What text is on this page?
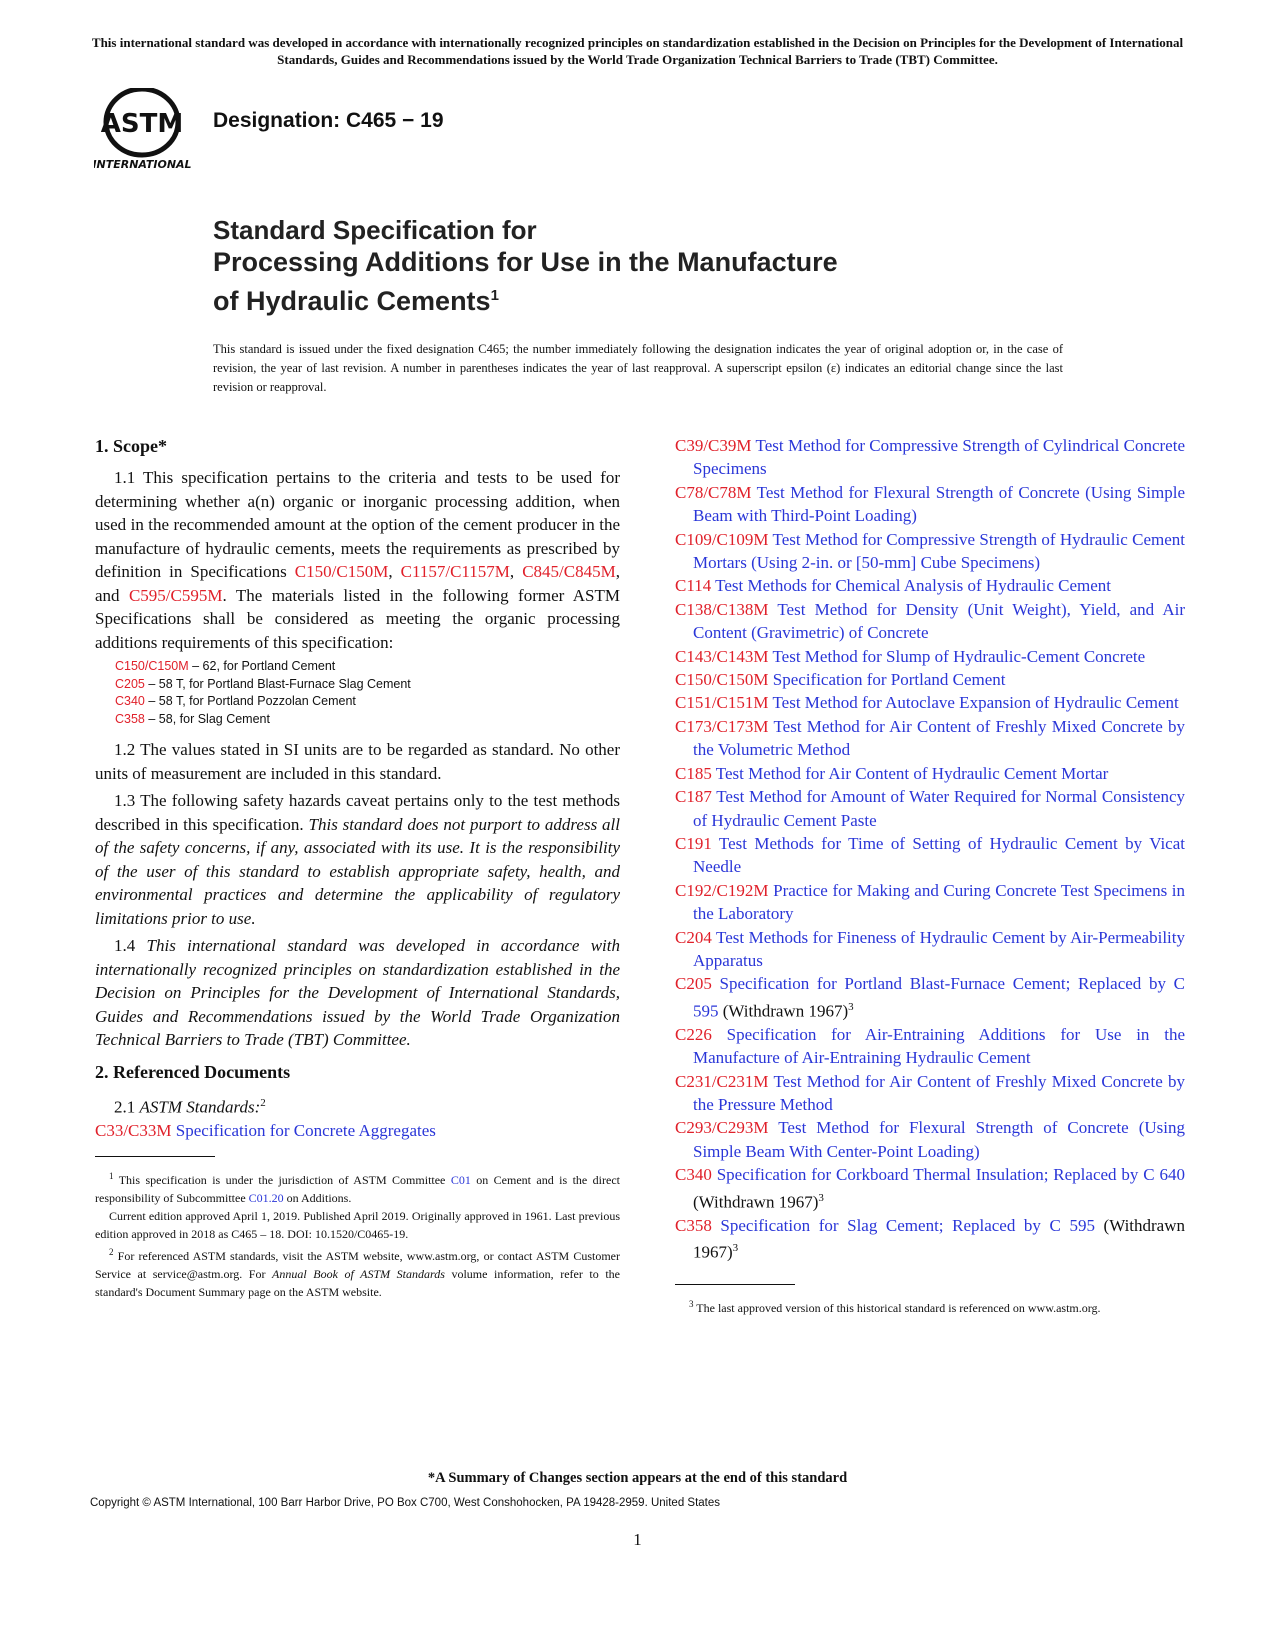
This international standard was developed in accordance with internationally recognized principles on standardization established in the Decision on Principles for the Development of International Standards, Guides and Recommendations issued by the World Trade Organization Technical Barriers to Trade (TBT) Committee.
ASTM
INTERNATIONAL
Designation: C465 − 19
Standard Specification for
Processing Additions for Use in the Manufacture
of Hydraulic Cements$^1$
This standard is issued under the fixed designation C465; the number immediately following the designation indicates the year of original adoption or, in the case of revision, the year of last revision. A number in parentheses indicates the year of last reapproval. A superscript epsilon (ε) indicates an editorial change since the last revision or reapproval.
1. Scope*
1.1 This specification pertains to the criteria and tests to be used for determining whether a(n) organic or inorganic processing addition, when used in the recommended amount at the option of the cement producer in the manufacture of hydraulic cements, meets the requirements as prescribed by definition in Specifications C150/C150M, C1157/C1157M, C845/C845M, and C595/C595M. The materials listed in the following former ASTM Specifications shall be considered as meeting the organic processing additions requirements of this specification:
C150/C150M – 62, for Portland Cement
C205 – 58 T, for Portland Blast-Furnace Slag Cement
C340 – 58 T, for Portland Pozzolan Cement
C358 – 58, for Slag Cement
1.2 The values stated in SI units are to be regarded as standard. No other units of measurement are included in this standard.
1.3 The following safety hazards caveat pertains only to the test methods described in this specification. This standard does not purport to address all of the safety concerns, if any, associated with its use. It is the responsibility of the user of this standard to establish appropriate safety, health, and environmental practices and determine the applicability of regulatory limitations prior to use.
1.4 This international standard was developed in accordance with internationally recognized principles on standardization established in the Decision on Principles for the Development of International Standards, Guides and Recommendations issued by the World Trade Organization Technical Barriers to Trade (TBT) Committee.
2. Referenced Documents
2.1 ASTM Standards:$^2$
C33/C33M Specification for Concrete Aggregates
$^1$ This specification is under the jurisdiction of ASTM Committee C01 on Cement and is the direct responsibility of Subcommittee C01.20 on Additions.
Current edition approved April 1, 2019. Published April 2019. Originally approved in 1961. Last previous edition approved in 2018 as C465 – 18. DOI: 10.1520/C0465-19.
$^2$ For referenced ASTM standards, visit the ASTM website, www.astm.org, or contact ASTM Customer Service at service@astm.org. For Annual Book of ASTM Standards volume information, refer to the standard's Document Summary page on the ASTM website.
C39/C39M Test Method for Compressive Strength of Cylindrical Concrete Specimens
C78/C78M Test Method for Flexural Strength of Concrete (Using Simple Beam with Third-Point Loading)
C109/C109M Test Method for Compressive Strength of Hydraulic Cement Mortars (Using 2-in. or [50-mm] Cube Specimens)
C114 Test Methods for Chemical Analysis of Hydraulic Cement
C138/C138M Test Method for Density (Unit Weight), Yield, and Air Content (Gravimetric) of Concrete
C143/C143M Test Method for Slump of Hydraulic-Cement Concrete
C150/C150M Specification for Portland Cement
C151/C151M Test Method for Autoclave Expansion of Hydraulic Cement
C173/C173M Test Method for Air Content of Freshly Mixed Concrete by the Volumetric Method
C185 Test Method for Air Content of Hydraulic Cement Mortar
C187 Test Method for Amount of Water Required for Normal Consistency of Hydraulic Cement Paste
C191 Test Methods for Time of Setting of Hydraulic Cement by Vicat Needle
C192/C192M Practice for Making and Curing Concrete Test Specimens in the Laboratory
C204 Test Methods for Fineness of Hydraulic Cement by Air-Permeability Apparatus
C205 Specification for Portland Blast-Furnace Cement; Replaced by C 595 (Withdrawn 1967)$^3$
C226 Specification for Air-Entraining Additions for Use in the Manufacture of Air-Entraining Hydraulic Cement
C231/C231M Test Method for Air Content of Freshly Mixed Concrete by the Pressure Method
C293/C293M Test Method for Flexural Strength of Concrete (Using Simple Beam With Center-Point Loading)
C340 Specification for Corkboard Thermal Insulation; Replaced by C 640 (Withdrawn 1967)$^3$
C358 Specification for Slag Cement; Replaced by C 595 (Withdrawn 1967)$^3$
$^3$ The last approved version of this historical standard is referenced on www.astm.org.
*A Summary of Changes section appears at the end of this standard
Copyright © ASTM International, 100 Barr Harbor Drive, PO Box C700, West Conshohocken, PA 19428-2959. United States
1
